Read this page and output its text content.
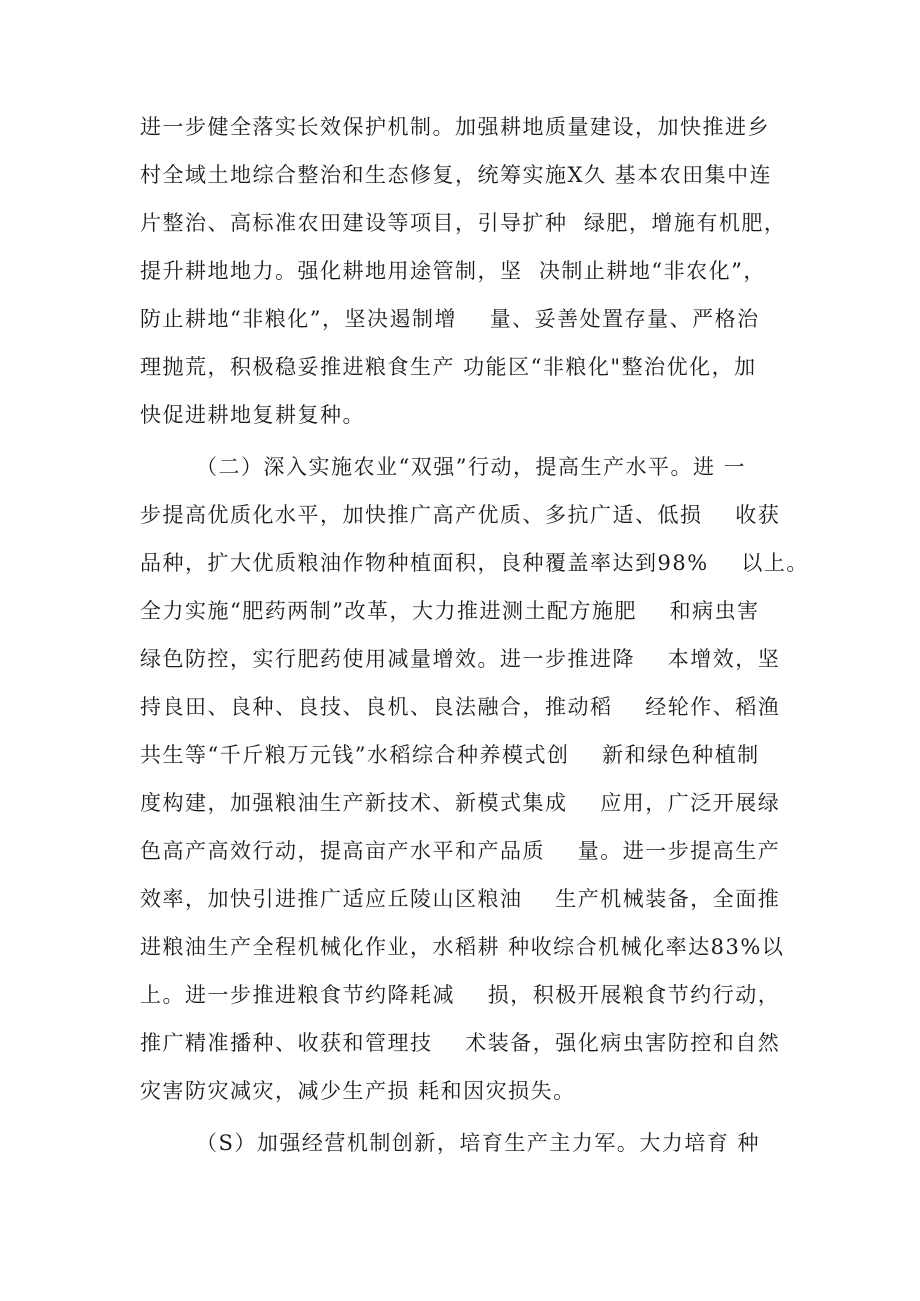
进一步健全落实长效保护机制。加强耕地质量建设，加快推进乡
村全域土地综合整治和生态修复，统筹实施X久 基本农田集中连
片整治、高标准农田建设等项目，引导扩种  绿肥，增施有机肥，
提升耕地地力。强化耕地用途管制，坚  决制止耕地“非农化”，
防止耕地“非粮化”，坚决遏制增    量、妥善处置存量、严格治
理抛荒，积极稳妥推进粮食生产 功能区“非粮化"整治优化，加
快促进耕地复耕复种。
（二）深入实施农业“双强”行动，提高生产水平。进 一
步提高优质化水平，加快推广高产优质、多抗广适、低损    收获
品种，扩大优质粮油作物种植面积，良种覆盖率达到98%    以上。
全力实施“肥药两制”改革，大力推进测土配方施肥    和病虫害
绿色防控，实行肥药使用减量增效。进一步推进降    本增效，坚
持良田、良种、良技、良机、良法融合，推动稻    经轮作、稻渔
共生等“千斤粮万元钱”水稻综合种养模式创    新和绿色种植制
度构建，加强粮油生产新技术、新模式集成    应用，广泛开展绿
色高产高效行动，提高亩产水平和产品质    量。进一步提高生产
效率，加快引进推广适应丘陵山区粮油    生产机械装备，全面推
进粮油生产全程机械化作业，水稻耕 种收综合机械化率达83%以
上。进一步推进粮食节约降耗减    损，积极开展粮食节约行动，
推广精准播种、收获和管理技    术装备，强化病虫害防控和自然
灾害防灾减灾，减少生产损 耗和因灾损失。
（S）加强经营机制创新，培育生产主力军。大力培育 种
